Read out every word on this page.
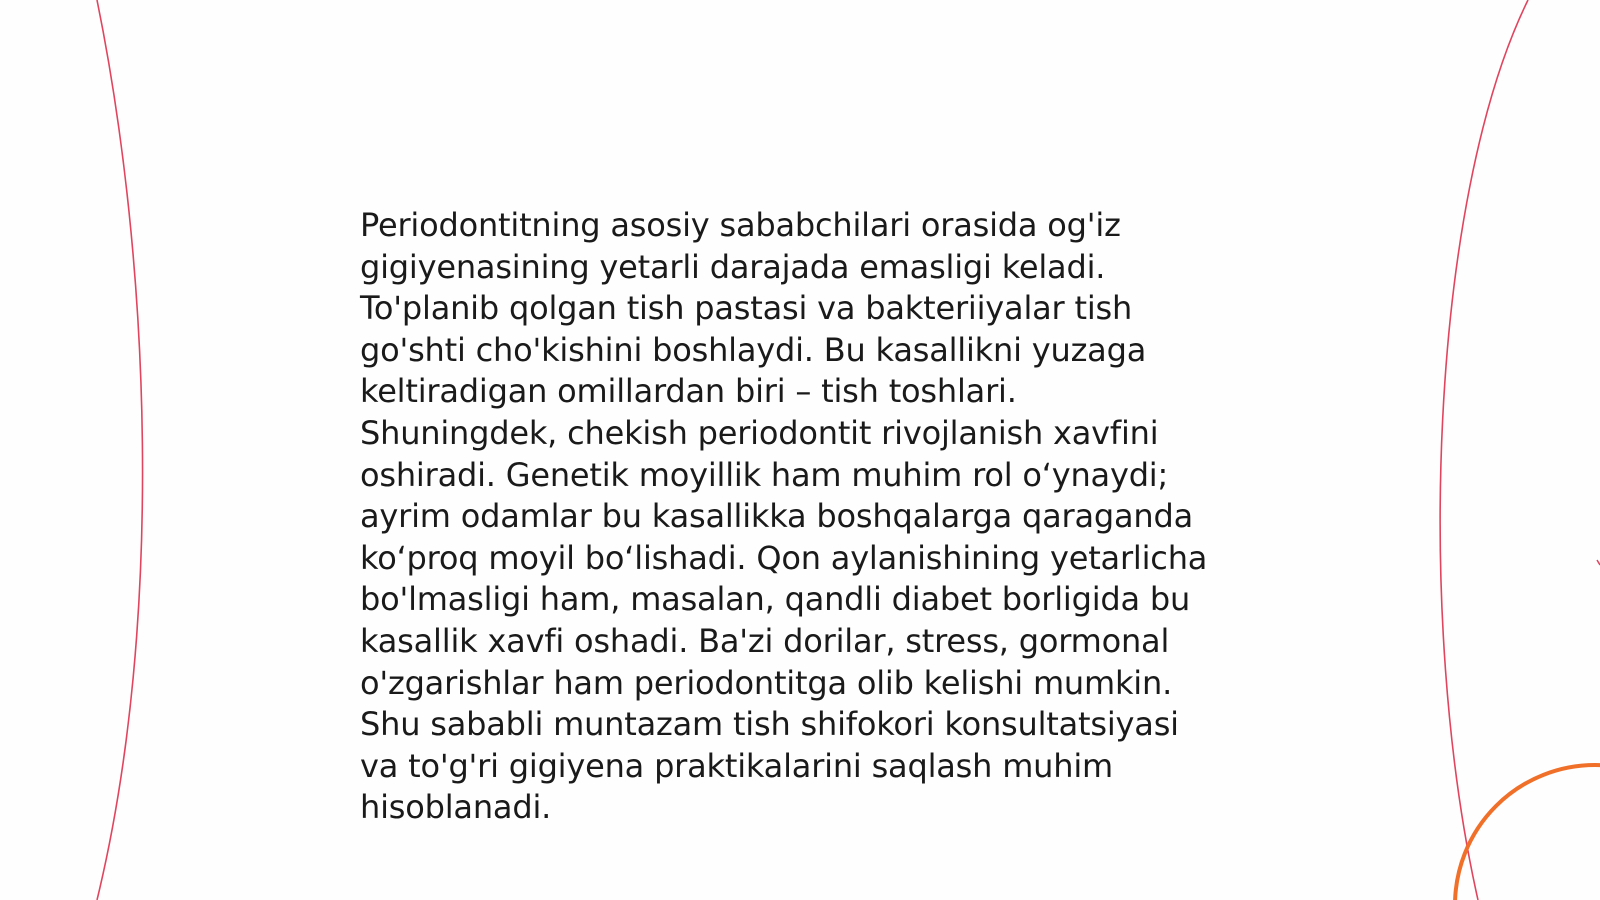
Periodontitning asosiy sababchilari orasida og'iz
gigiyenasining yetarli darajada emasligi keladi.
To'planib qolgan tish pastasi va bakteriiyalar tish
go'shti cho'kishini boshlaydi. Bu kasallikni yuzaga
keltiradigan omillardan biri – tish toshlari.
Shuningdek, chekish periodontit rivojlanish xavfini
oshiradi. Genetik moyillik ham muhim rol oʻynaydi;
ayrim odamlar bu kasallikka boshqalarga qaraganda
koʻproq moyil boʻlishadi. Qon aylanishining yetarlicha
bo'lmasligi ham, masalan, qandli diabet borligida bu
kasallik xavfi oshadi. Ba'zi dorilar, stress, gormonal
o'zgarishlar ham periodontitga olib kelishi mumkin.
Shu sababli muntazam tish shifokori konsultatsiyasi
va to'g'ri gigiyena praktikalarini saqlash muhim
hisoblanadi.
